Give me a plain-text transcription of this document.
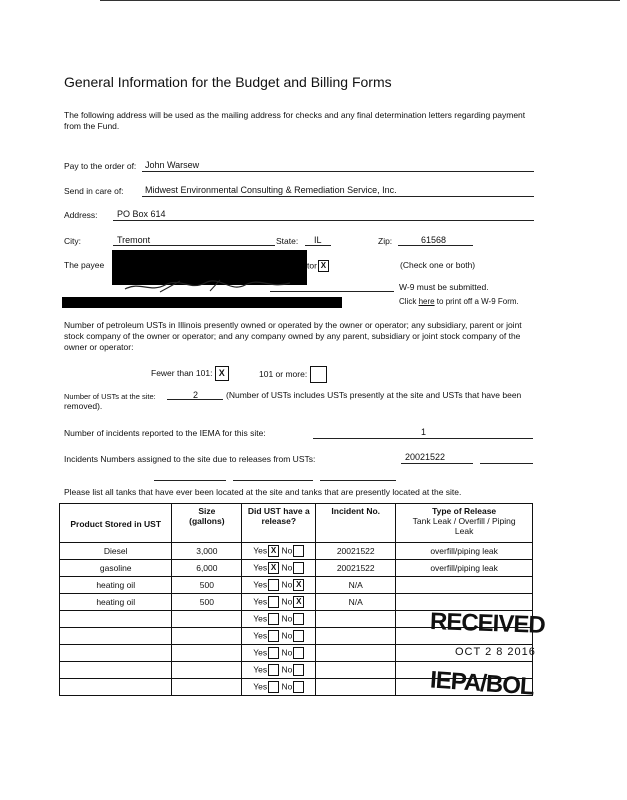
General Information for the Budget and Billing Forms
The following address will be used as the mailing address for checks and any final determination letters regarding payment from the Fund.
Pay to the order of: John Warsew
Send in care of: Midwest Environmental Consulting & Remediation Service, Inc.
Address: PO Box 614
City:	Tremont	State: IL	Zip:	61568
The payee	tor X	(Check one or both)
W-9 must be submitted.
Click here to print off a W-9 Form.
Number of petroleum USTs in Illinois presently owned or operated by the owner or operator; any subsidiary, parent or joint stock company of the owner or operator; and any company owned by any parent, subsidiary or joint stock company of the owner or operator:
Fewer than 101: X	101 or more:
Number of USTs at the site:	2	(Number of USTs includes USTs presently at the site and USTs that have been removed).
Number of incidents reported to the IEMA for this site:	1
Incidents Numbers assigned to the site due to releases from USTs:	20021522
Please list all tanks that have ever been located at the site and tanks that are presently located at the site.
Product Stored in UST	Size (gallons)	Did UST have a release?	Incident No.	Type of Release
Tank Leak / Overfill / Piping Leak

Diesel	3,000	Yes X No	20021522	overfill/piping leak
gasoline	6,000	Yes X No	20021522	overfill/piping leak
heating oil	500	Yes No X	N/A	
heating oil	500	Yes No X	N/A	
		Yes No		
		Yes No		
		Yes No		
		Yes No		
		Yes No		
RECEIVED
OCT 2 8 2016
IEPA/BOL
